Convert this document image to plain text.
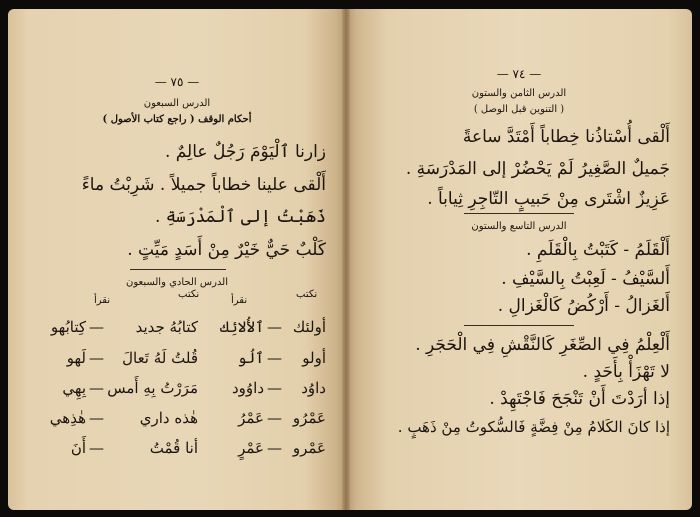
— ٧٥ —
الدرس السبعون
أحكام الوقف ( راجع كتاب الأصول )
زارنا ٱلْيَوْمَ رَجُلٌ عالِمٌ .
أَلْقى علينا خطاباً جميلاً . شَرِبْتُ ماءً
ذَهَبْتُ إلى ٱلْمَدْرَسَةِ .
كَلْبٌ حَيٌّ خَيْرٌ مِنْ أَسَدٍ مَيِّتٍ .
الدرس الحادي والسبعون
نكتب
نقرأ
نكتب
نقرأ
أولئك
—
ٱلأُلائِك
كتابُهُ جديد
—
كِتابُهو
أولو
—
ٱلُو
قُلتُ لَهُ تَعالَ
—
لَهو
داوُد
—
داوُود
مَرَرْتُ بِهِ أَمس
—
بِهِي
عَمْرُو
—
عَمْرُ
هٰذه داري
—
هٰذِهي
عَمْرو
—
عَمْرٍ
أنا قُمْتُ
—
أَنَ
— ٧٤ —
الدرس الثامن والستون
( التنوين قبل الوصل )
أَلْقى أُسْتاذُنا خِطاباً أَمْتَدَّ ساعةً
جَميلٌ الصَّغِيرُ لَمْ يَحْضُرْ إلى المَدْرَسَةِ .
عَزِيزٌ اشْتَرى مِنْ حَبيبٍ التّاجِرِ ثِياباً .
الدرس التاسع والستون
أَلْقَلَمُ - كَتَبْتُ بِالْقَلَمِ .
أَلسَّيْفُ - لَعِبْتُ بِالسَّيْفِ .
أَلغَزالُ - أَرْكُضُ كَالْغَزالِ .
أَلْعِلْمُ فِي الصِّغَرِ كَالنَّقْشِ فِي الْحَجَرِ .
لا تَهْزَأْ بِأَحَدٍ .
إذا أرَدْتَ أَنْ تَنْجَحَ فَاجْتَهِدْ .
إذا كانَ الكَلامُ مِنْ فِضَّةٍ فَالسُّكوتُ مِنْ ذَهَبٍ .
